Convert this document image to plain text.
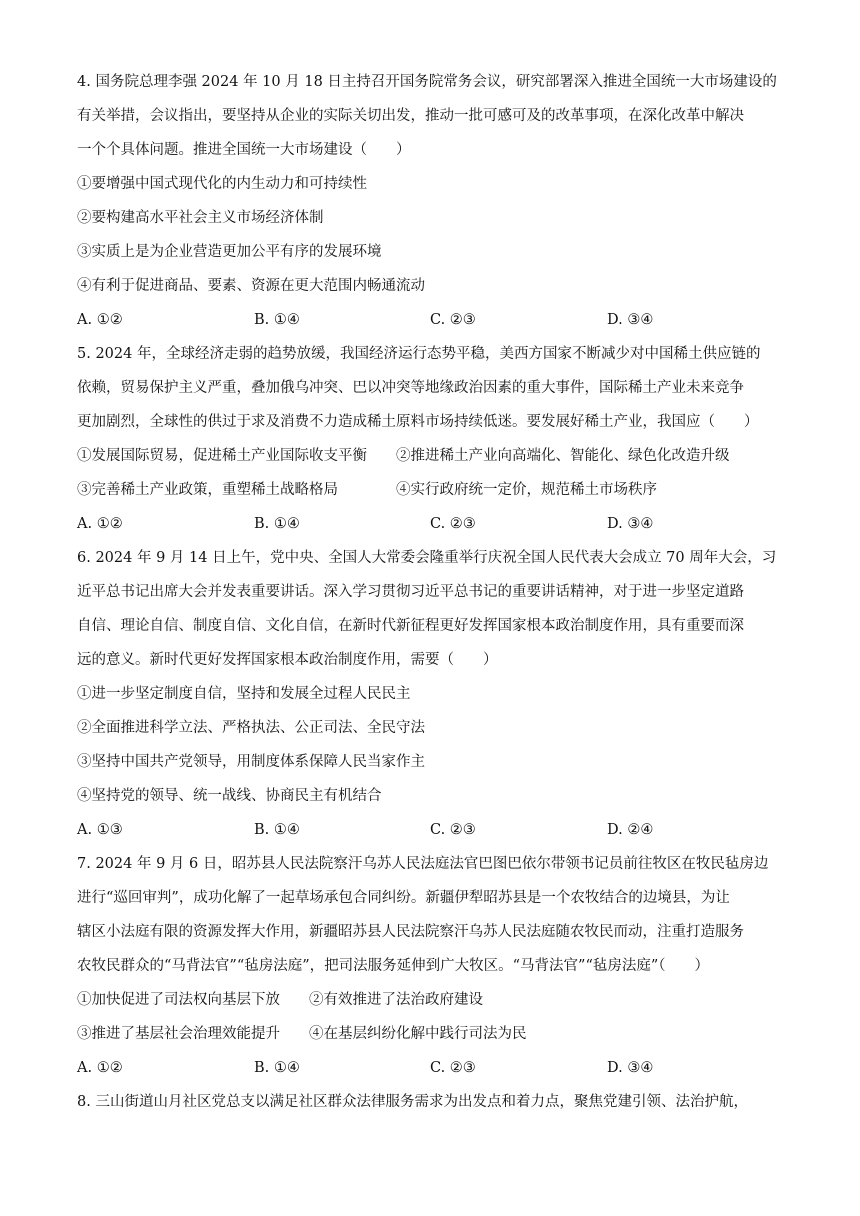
4. 国务院总理李强 2024 年 10 月 18 日主持召开国务院常务会议，研究部署深入推进全国统一大市场建设的
有关举措，会议指出，要坚持从企业的实际关切出发，推动一批可感可及的改革事项，在深化改革中解决
一个个具体问题。推进全国统一大市场建设（　　）
①要增强中国式现代化的内生动力和可持续性
②要构建高水平社会主义市场经济体制
③实质上是为企业营造更加公平有序的发展环境
④有利于促进商品、要素、资源在更大范围内畅通流动
A. ①②	B. ①④	C. ②③	D. ③④
5. 2024 年，全球经济走弱的趋势放缓，我国经济运行态势平稳，美西方国家不断减少对中国稀土供应链的
依赖，贸易保护主义严重，叠加俄乌冲突、巴以冲突等地缘政治因素的重大事件，国际稀土产业未来竞争
更加剧烈，全球性的供过于求及消费不力造成稀土原料市场持续低迷。要发展好稀土产业，我国应（　　）
①发展国际贸易，促进稀土产业国际收支平衡　　②推进稀土产业向高端化、智能化、绿色化改造升级
③完善稀土产业政策，重塑稀土战略格局　　　　④实行政府统一定价，规范稀土市场秩序
A. ①②	B. ①④	C. ②③	D. ③④
6. 2024 年 9 月 14 日上午，党中央、全国人大常委会隆重举行庆祝全国人民代表大会成立 70 周年大会，习
近平总书记出席大会并发表重要讲话。深入学习贯彻习近平总书记的重要讲话精神，对于进一步坚定道路
自信、理论自信、制度自信、文化自信，在新时代新征程更好发挥国家根本政治制度作用，具有重要而深
远的意义。新时代更好发挥国家根本政治制度作用，需要（　　）
①进一步坚定制度自信，坚持和发展全过程人民民主
②全面推进科学立法、严格执法、公正司法、全民守法
③坚持中国共产党领导，用制度体系保障人民当家作主
④坚持党的领导、统一战线、协商民主有机结合
A. ①③	B. ①④	C. ②③	D. ②④
7. 2024 年 9 月 6 日，昭苏县人民法院察汗乌苏人民法庭法官巴图巴依尔带领书记员前往牧区在牧民毡房边
进行“巡回审判”，成功化解了一起草场承包合同纠纷。新疆伊犁昭苏县是一个农牧结合的边境县，为让
辖区小法庭有限的资源发挥大作用，新疆昭苏县人民法院察汗乌苏人民法庭随农牧民而动，注重打造服务
农牧民群众的“马背法官”“毡房法庭”，把司法服务延伸到广大牧区。“马背法官”“毡房法庭”（　　）
①加快促进了司法权向基层下放　　②有效推进了法治政府建设
③推进了基层社会治理效能提升　　④在基层纠纷化解中践行司法为民
A. ①②	B. ①④	C. ②③	D. ③④
8. 三山街道山月社区党总支以满足社区群众法律服务需求为出发点和着力点，聚焦党建引领、法治护航，
